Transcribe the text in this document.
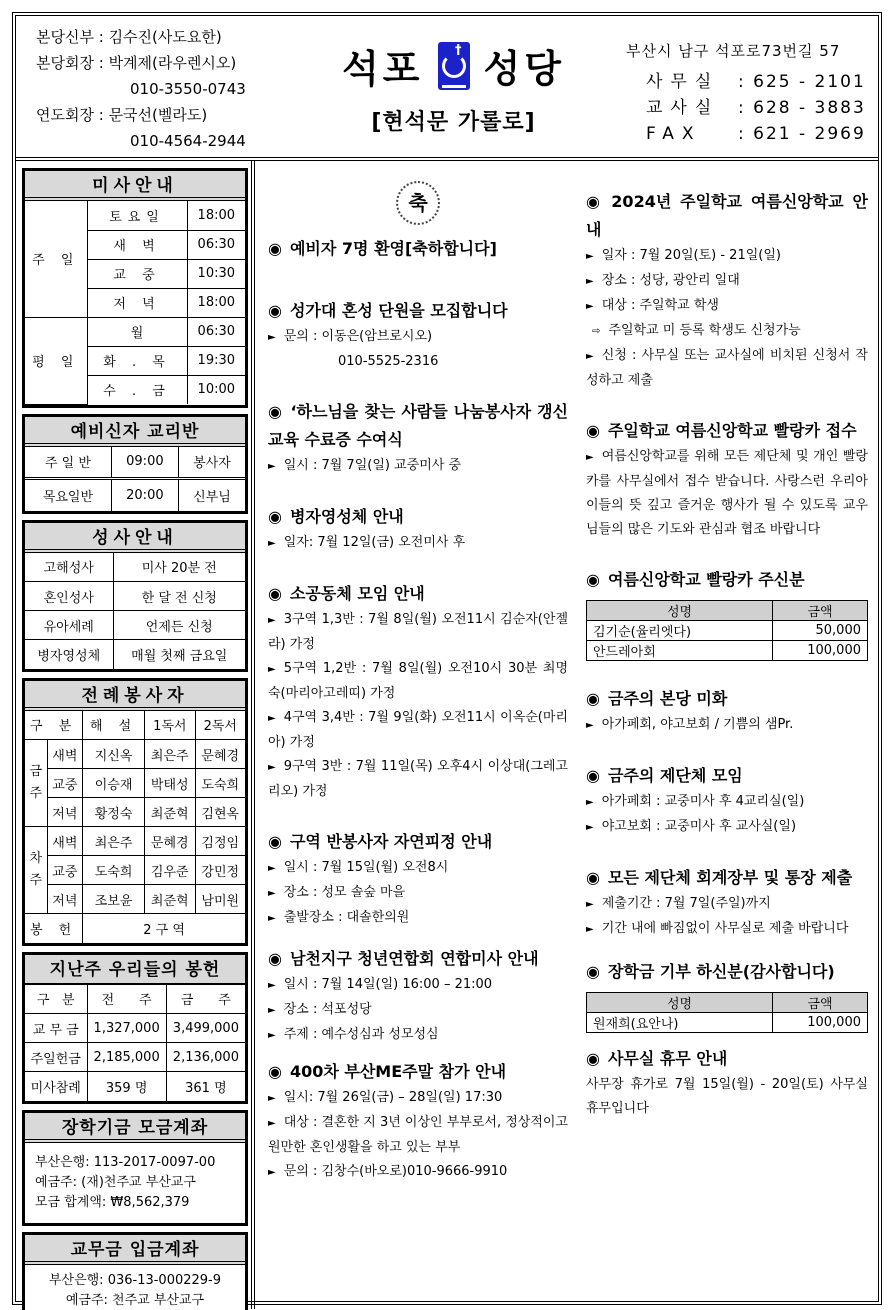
본당신부 : 김수진(사도요한)
본당회장 : 박계제(라우렌시오)
010-3550-0743
연도회장 : 문국선(벨라도)
010-4564-2944
석포 † 성당
[현석문 가롤로]
부산시 남구 석포로73번길 57
사무실 : 625 - 2101
교사실 : 628 - 3883
FAX : 621 - 2969
미사안내
주 일	토요일	18:00
	새 벽	06:30
	교 중	10:30
	저 녁	18:00
평 일	월	06:30
	화 . 목	19:30
	수 . 금	10:00
예비신자 교리반
주 일 반	09:00	봉사자
목요일반	20:00	신부님
성사안내
고해성사	미사 20분 전
혼인성사	한 달 전 신청
유아세례	언제든 신청
병자영성체	매월 첫째 금요일
전례봉사자
구 분		해 설	1독서	2독서
금주	새벽	지신옥	최은주	문혜경
	교중	이승재	박태성	도숙희
	저녁	황정숙	최준혁	김현옥
차주	새벽	최은주	문혜경	김정임
	교중	도숙희	김우준	강민정
	저녁	조보윤	최준혁	남미원
봉 헌		2 구 역		
지난주 우리들의 봉헌
구   분	전      주	금      주
교 무 금	1,327,000	3,499,000
주일헌금	2,185,000	2,136,000
미사참례	359 명	361 명
장학기금 모금계좌
부산은행: 113-2017-0097-00
예금주: (재)천주교 부산교구
모금 합계액: ₩8,562,379
교무금 입금계좌
부산은행: 036-13-000229-9
예금주: 천주교 부산교구
축
◉ 예비자 7명 환영[축하합니다]
◉ 성가대 혼성 단원을 모집합니다

► 문의 : 이동은(암브로시오)

010-5525-2316

◉ ‘하느님을 찾는 사람들 나눔봉사자 갱신교육 수료증 수여식

► 일시 : 7월 7일(일) 교중미사 중

◉ 병자영성체 안내

► 일자: 7월 12일(금) 오전미사 후

◉ 소공동체 모임 안내

► 3구역 1,3반 : 7월 8일(월) 오전11시 김순자(안젤라) 가정

► 5구역 1,2반 : 7월 8일(월) 오전10시 30분 최명숙(마리아고레띠) 가정

► 4구역 3,4반 : 7월 9일(화) 오전11시 이옥순(마리아) 가정

► 9구역 3반 : 7월 11일(목) 오후4시 이상대(그레고리오) 가정

◉ 구역 반봉사자 자연피정 안내

► 일시 : 7월 15일(월) 오전8시

► 장소 : 성모 솔숲 마을

► 출발장소 : 대솔한의원

◉ 남천지구 청년연합회 연합미사 안내

► 일시 : 7월 14일(일) 16:00 – 21:00

► 장소 : 석포성당

► 주제 : 예수성심과 성모성심

◉ 400차 부산ME주말 참가 안내

► 일시: 7월 26일(금) – 28일(일) 17:30

► 대상 : 결혼한 지 3년 이상인 부부로서, 정상적이고 원만한 혼인생활을 하고 있는 부부

► 문의 : 김창수(바오로)010-9666-9910

◉ 2024년 주일학교 여름신앙학교 안내

► 일자 : 7월 20일(토) - 21일(일)

► 장소 : 성당, 광안리 일대

► 대상 : 주일학교 학생

⇨ 주일학교 미 등록 학생도 신청가능

► 신청 : 사무실 또는 교사실에 비치된 신청서 작성하고 제출

◉ 주일학교 여름신앙학교 빨랑카 접수

► 여름신앙학교를 위해 모든 제단체 및 개인 빨랑카를 사무실에서 접수 받습니다. 사랑스런 우리아이들의 뜻 깊고 즐거운 행사가 될 수 있도록 교우님들의 많은 기도와 관심과 협조 바랍니다

◉ 여름신앙학교 빨랑카 주신분
성명	금액
김기순(율리엣다)	50,000
안드레아회	100,000
◉ 금주의 본당 미화

► 아가페회, 야고보회 / 기쁨의 샘Pr.

◉ 금주의 제단체 모임

► 아가페회 : 교중미사 후 4교리실(일)

► 야고보회 : 교중미사 후 교사실(일)

◉ 모든 제단체 회계장부 및 통장 제출

► 제출기간 : 7월 7일(주일)까지

► 기간 내에 빠짐없이 사무실로 제출 바랍니다

◉ 장학금 기부 하신분(감사합니다)
성명	금액
원재희(요안나)	100,000
◉ 사무실 휴무 안내

사무장 휴가로 7월 15일(월) - 20일(토) 사무실 휴무입니다
